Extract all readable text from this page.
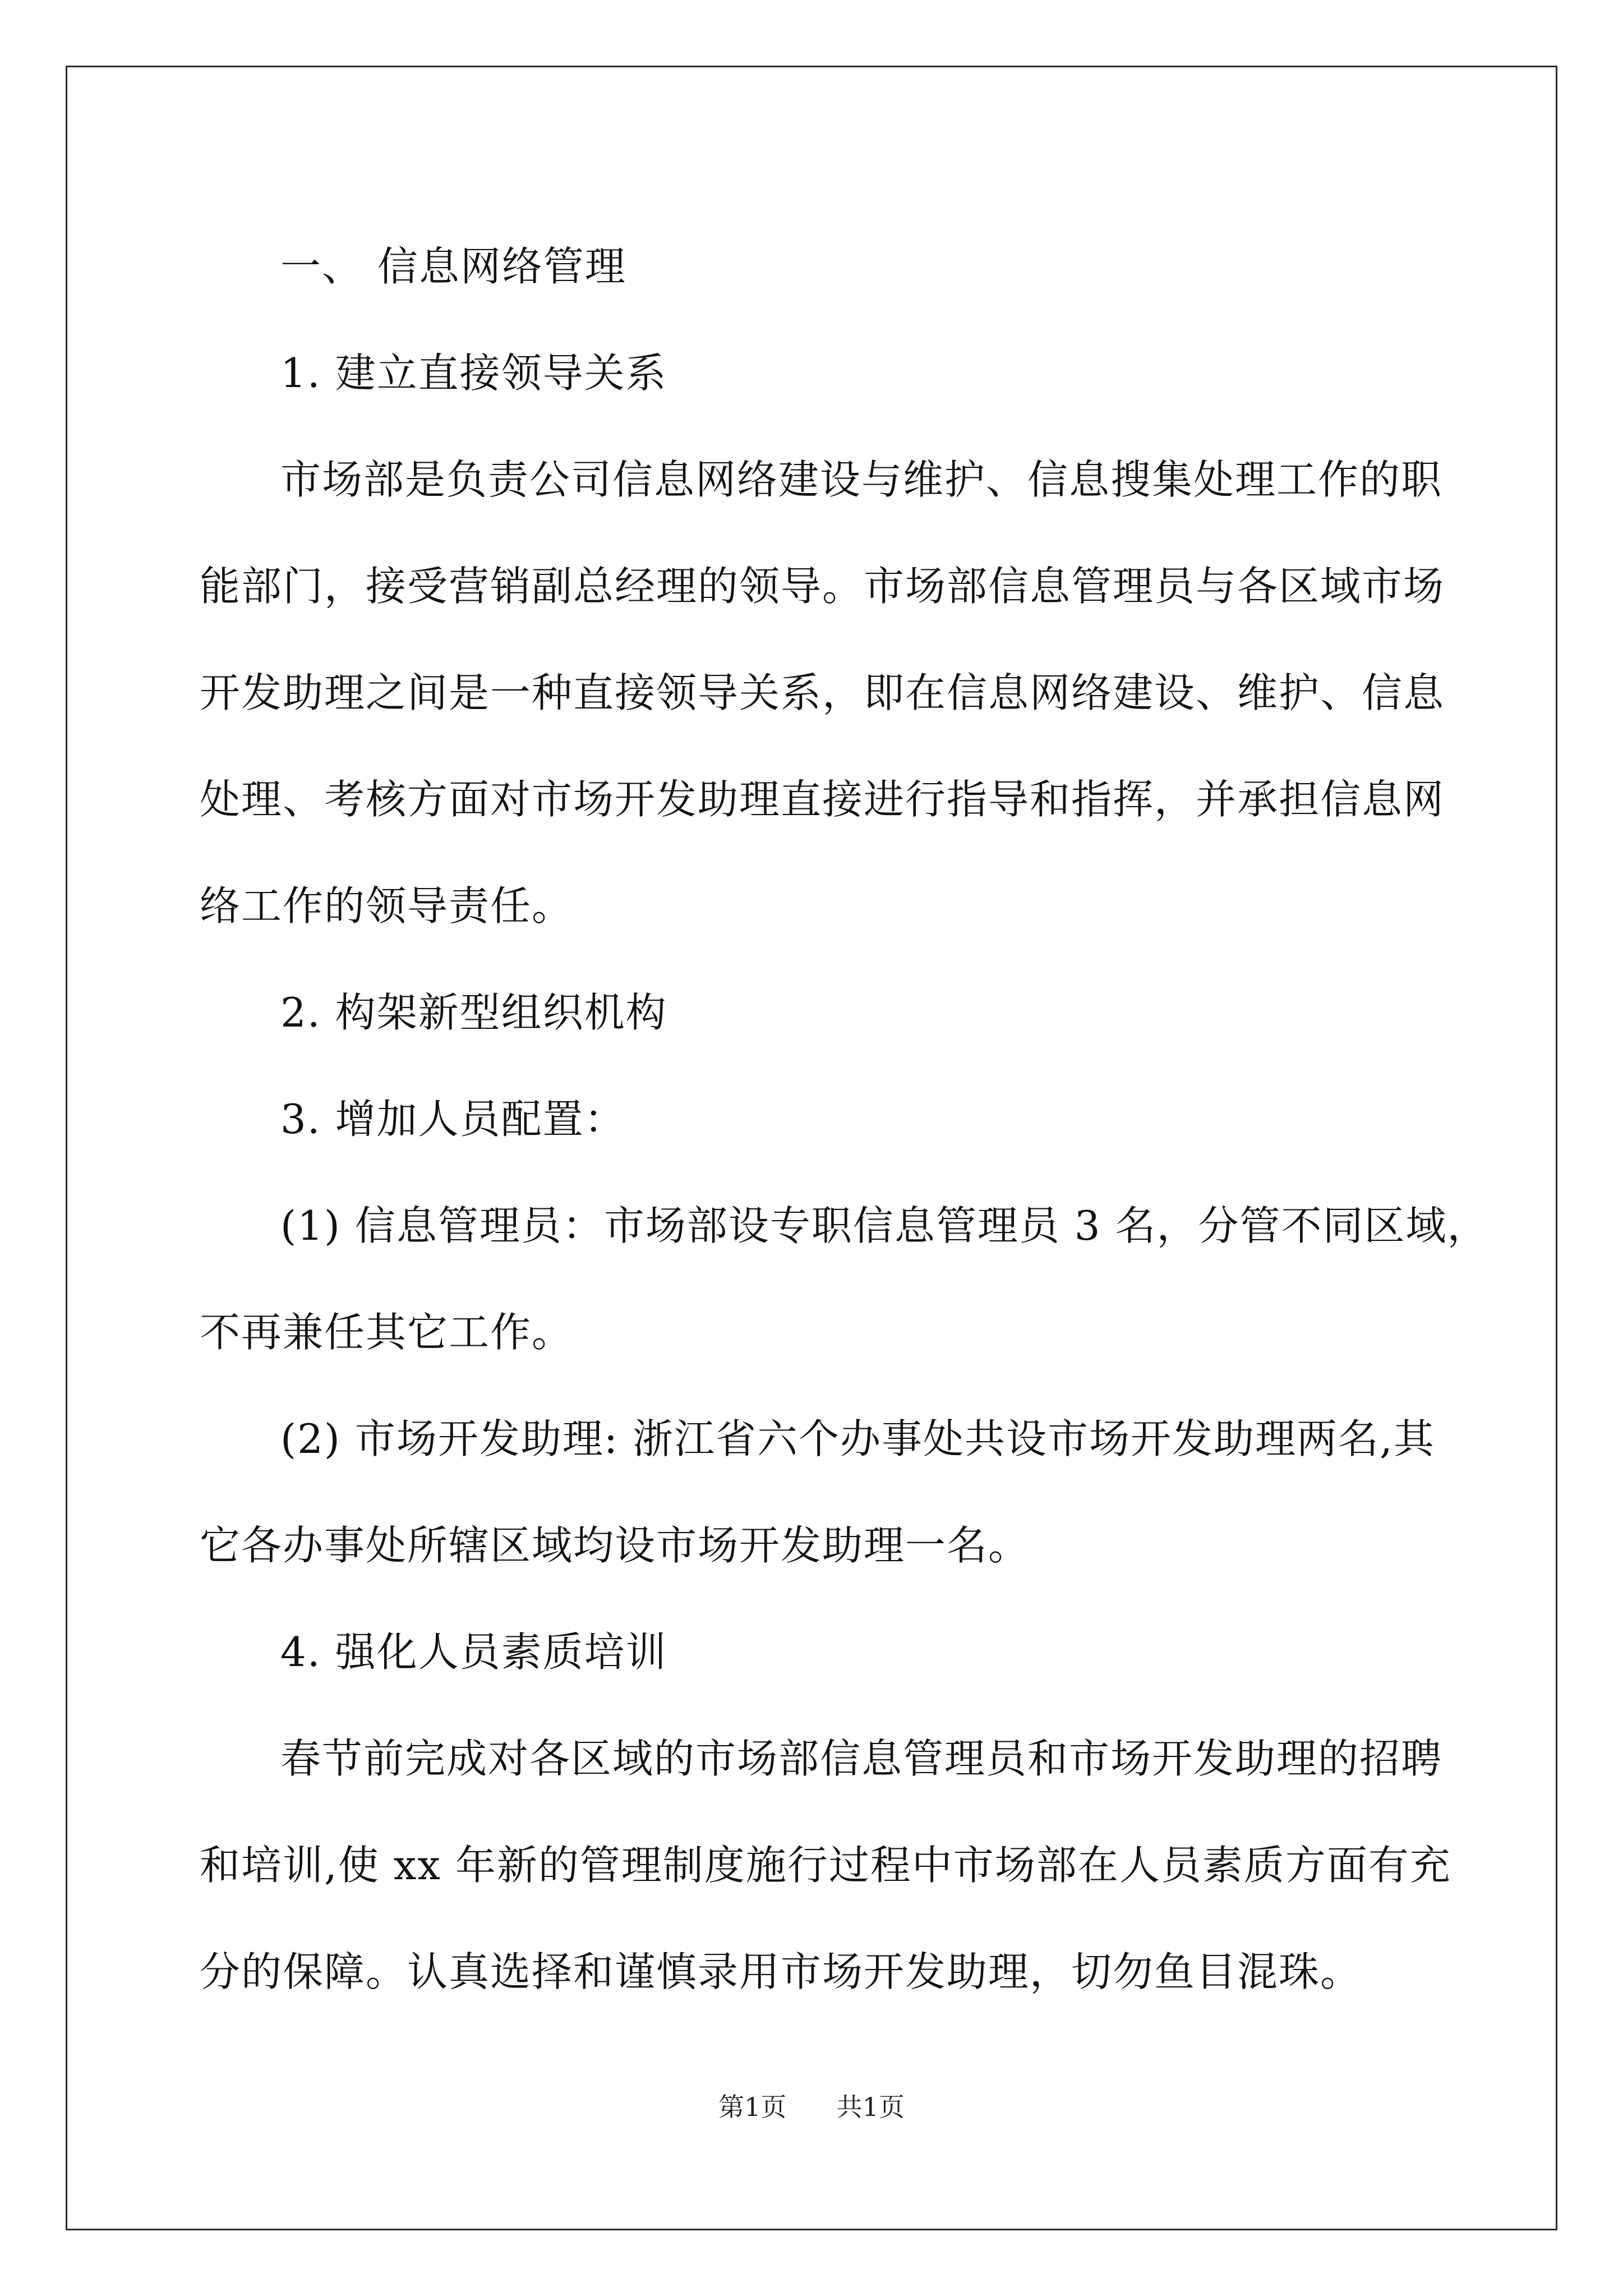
一、 信息网络管理
1. 建立直接领导关系
市场部是负责公司信息网络建设与维护、信息搜集处理工作的职
能部门，接受营销副总经理的领导。市场部信息管理员与各区域市场
开发助理之间是一种直接领导关系，即在信息网络建设、维护、信息
处理、考核方面对市场开发助理直接进行指导和指挥，并承担信息网
络工作的领导责任。
2. 构架新型组织机构
3. 增加人员配置：
(1) 信息管理员：市场部设专职信息管理员 3 名，分管不同区域，
不再兼任其它工作。
(2) 市场开发助理: 浙江省六个办事处共设市场开发助理两名,其
它各办事处所辖区域均设市场开发助理一名。
4. 强化人员素质培训
春节前完成对各区域的市场部信息管理员和市场开发助理的招聘
和培训,使 xx 年新的管理制度施行过程中市场部在人员素质方面有充
分的保障。认真选择和谨慎录用市场开发助理，切勿鱼目混珠。
第1页 共1页
